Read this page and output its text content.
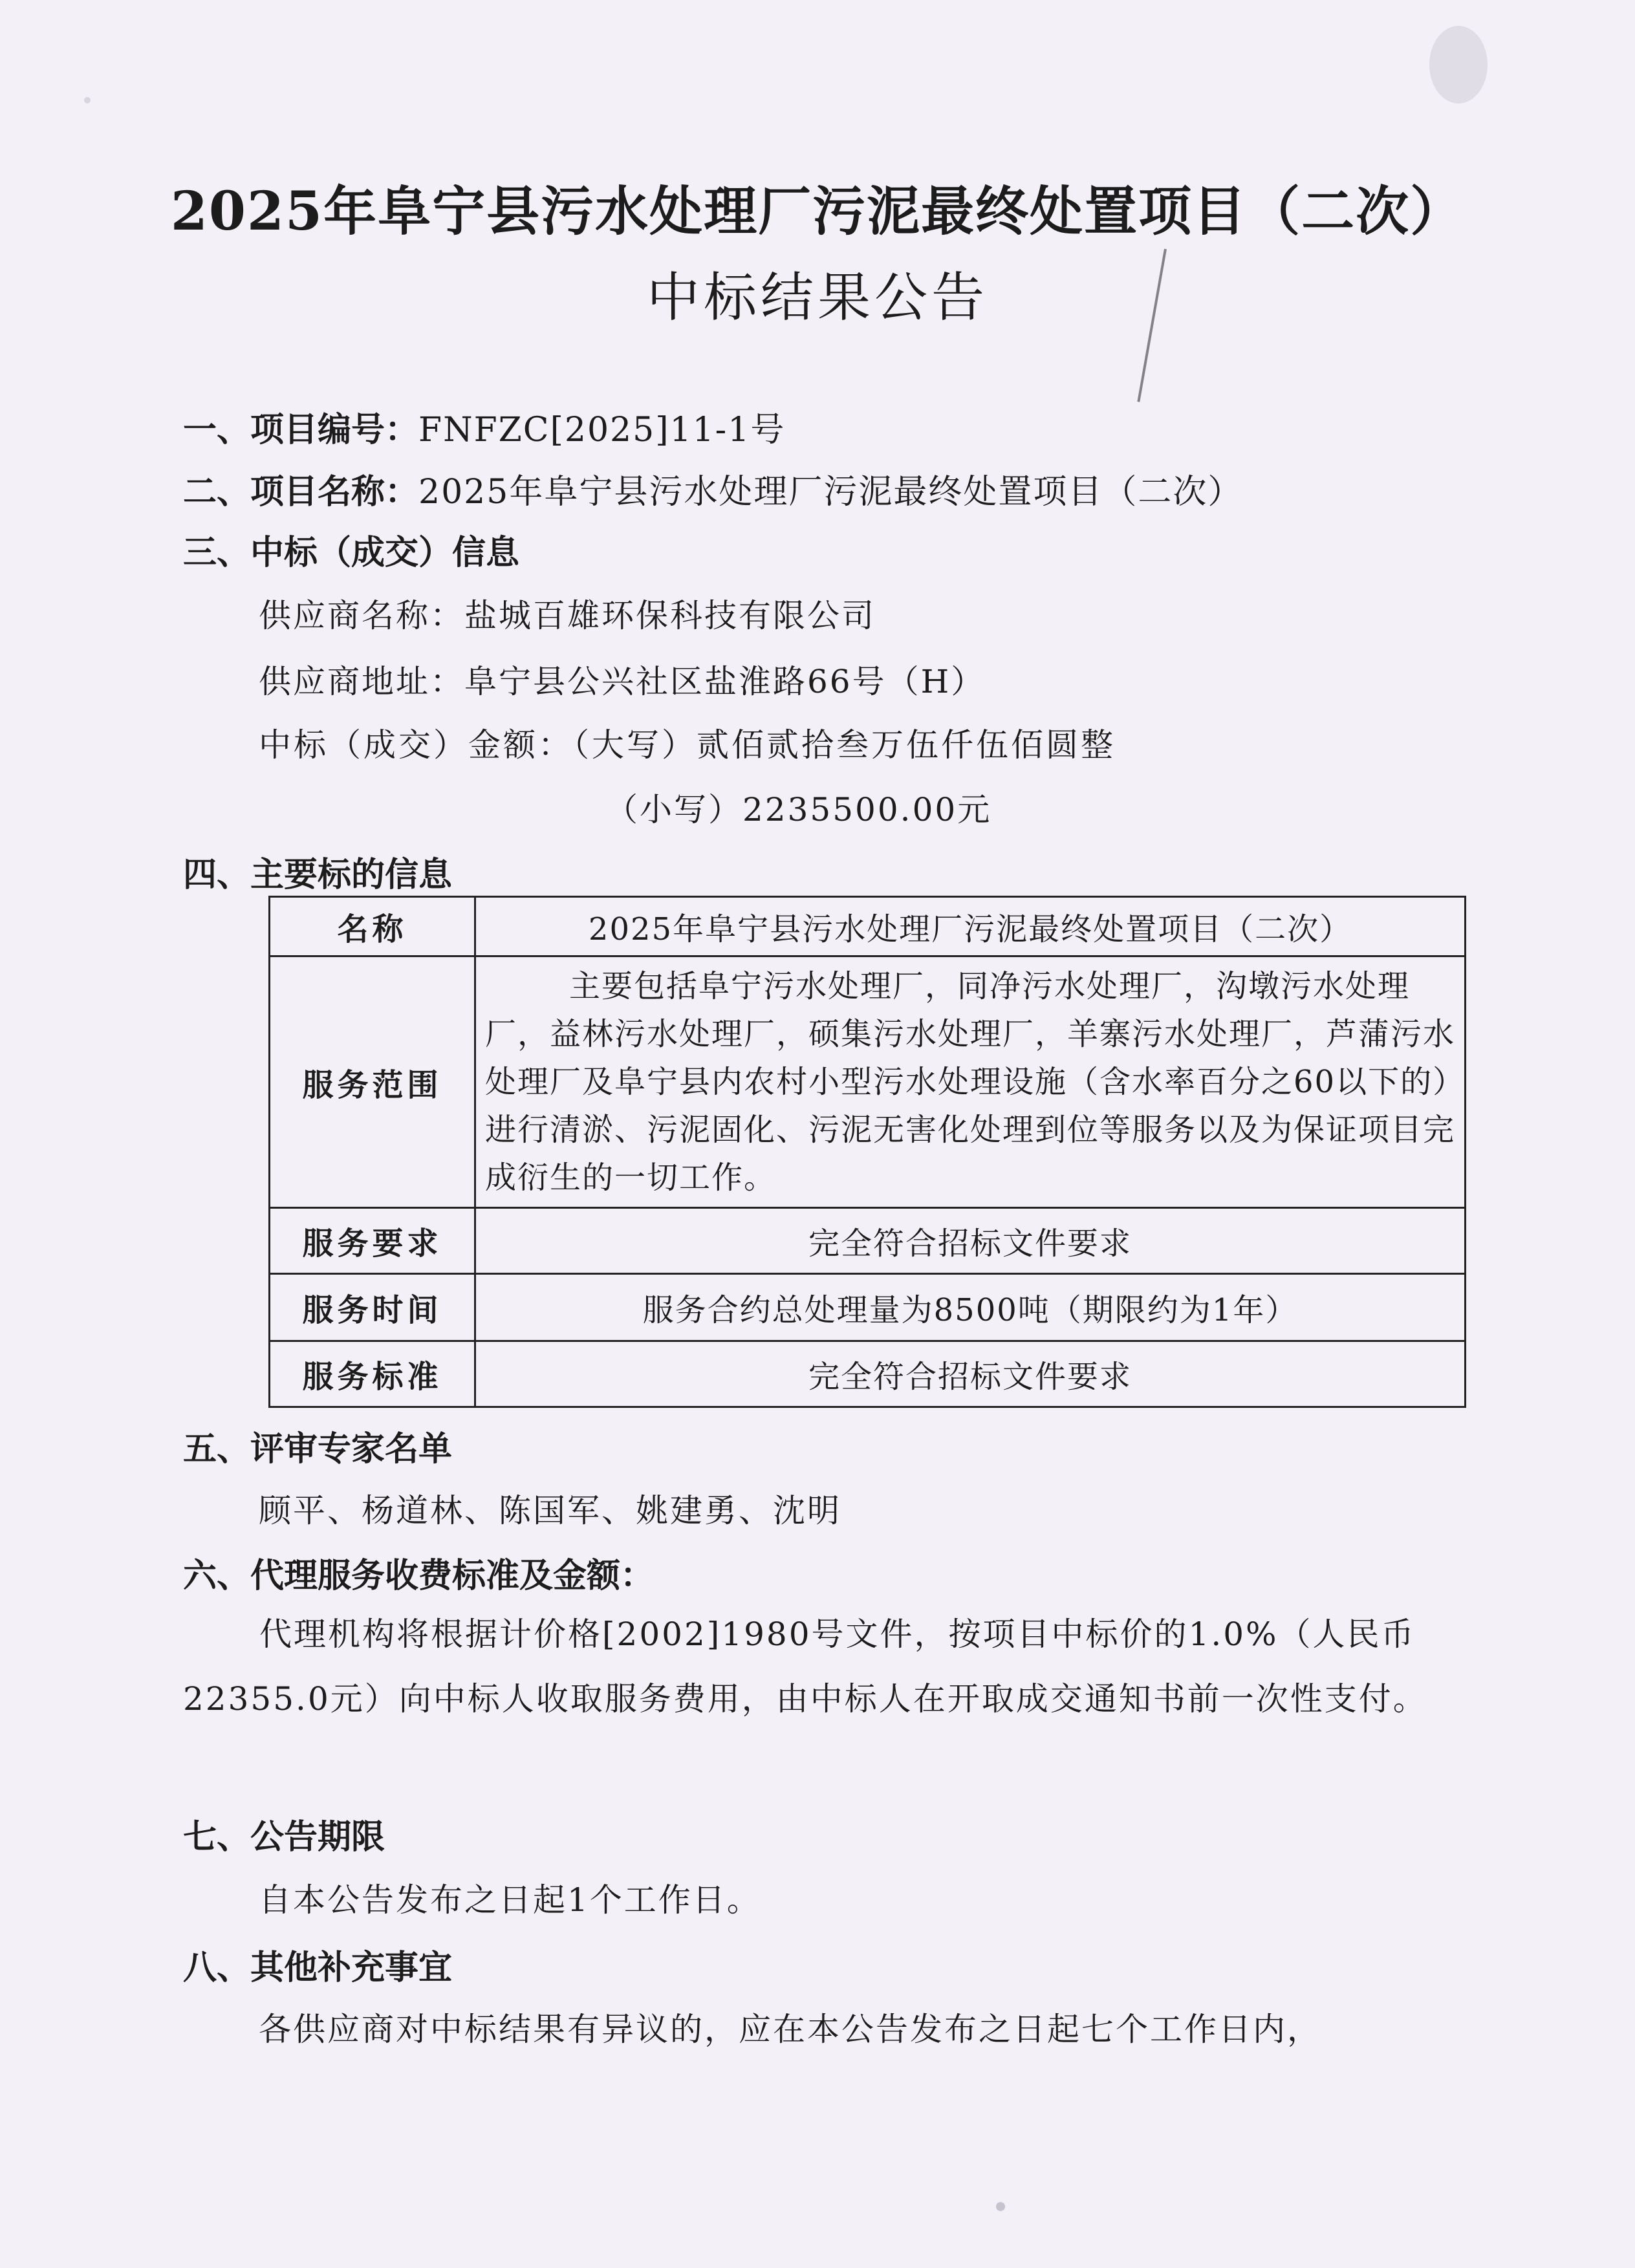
2025年阜宁县污水处理厂污泥最终处置项目（二次）
中标结果公告
一、项目编号：FNFZC[2025]11-1号
二、项目名称：2025年阜宁县污水处理厂污泥最终处置项目（二次）
三、中标（成交）信息
供应商名称：盐城百雄环保科技有限公司
供应商地址：阜宁县公兴社区盐淮路66号（H）
中标（成交）金额：（大写）贰佰贰拾叁万伍仟伍佰圆整
（小写）2235500.00元
四、主要标的信息
名称	2025年阜宁县污水处理厂污泥最终处置项目（二次）
服务范围	主要包括阜宁污水处理厂，同净污水处理厂，沟墩污水处理厂，益林污水处理厂，硕集污水处理厂，羊寨污水处理厂，芦蒲污水处理厂及阜宁县内农村小型污水处理设施（含水率百分之60以下的）进行清淤、污泥固化、污泥无害化处理到位等服务以及为保证项目完成衍生的一切工作。
服务要求	完全符合招标文件要求
服务时间	服务合约总处理量为8500吨（期限约为1年）
服务标准	完全符合招标文件要求
五、评审专家名单
顾平、杨道林、陈国军、姚建勇、沈明
六、代理服务收费标准及金额：
代理机构将根据计价格[2002]1980号文件，按项目中标价的1.0%（人民币22355.0元）向中标人收取服务费用，由中标人在开取成交通知书前一次性支付。
七、公告期限
自本公告发布之日起1个工作日。
八、其他补充事宜
各供应商对中标结果有异议的，应在本公告发布之日起七个工作日内，
